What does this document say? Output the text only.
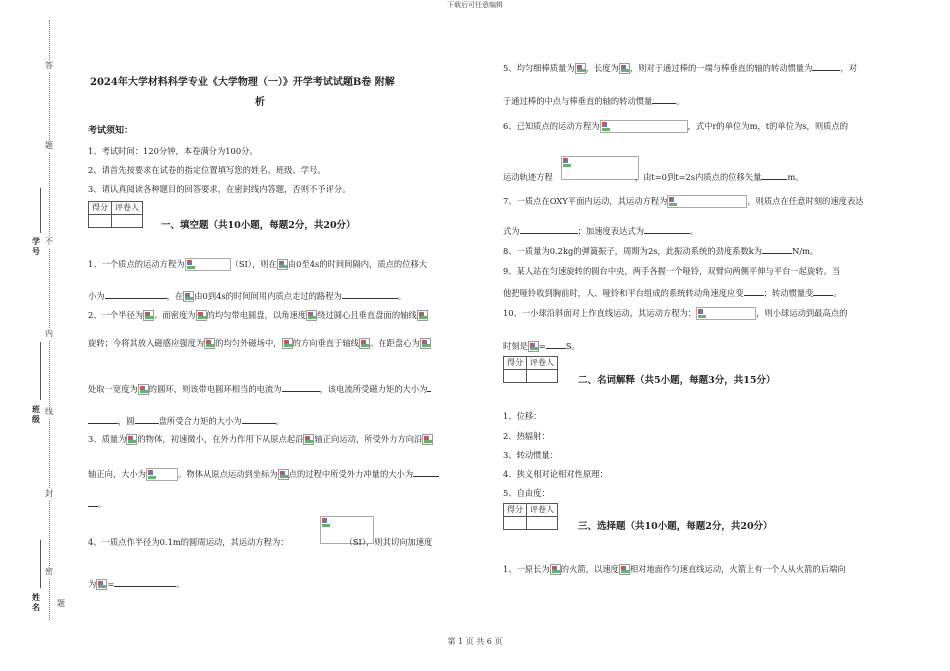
下载后可任意编辑
第 1 页 共 6 页
答
题
不
内
线
封
密
题
学号
班级
姓名
2024年大学材料科学专业《大学物理（一）》开学考试试题B卷 附解
析
考试须知：
1、考试时间：120分钟，本卷满分为100分。
2、请首先按要求在试卷的指定位置填写您的姓名、班级、学号。
3、请认真阅读各种题目的回答要求，在密封线内答题，否则不予评分。
得分 评卷人
一、填空题（共10小题，每题2分，共20分）
1、一个质点的运动方程为	（SI），则在 由0至4s的时间间隔内，质点的位移大
小为	，在 由0到4s的时间间用内质点走过的路程为	。
2、一个半径为 、面密度为 的均匀带电圆盘，以角速度 绕过圆心且垂直盘面的轴线
旋转；今将其放入磁感应强度为 的均匀外磁场中， 的方向垂直于轴线 。在距盘心为
处取一宽度为 的圆环，则该带电圆环相当的电流为	，该电流所受磁力矩的大小为
，圆	盘所受合力矩的大小为	。
3、质量为 的物体，初速微小，在外力作用下从原点起沿 轴正向运动，所受外力方向沿
轴正向，大小为	。物体从原点运动到坐标为 点的过程中所受外力冲量的大小为
。
4、一质点作半径为0.1m的圆周运动，其运动方程为：	（SI），则其切向加速度
为 =	。
5、均匀细棒质量为 ，长度为 ，则对于通过棒的一端与棒垂直的轴的转动惯量为	，对
于通过棒的中点与棒垂直的轴的转动惯量	。
6、已知质点的运动方程为	，式中r的单位为m，t的单位为s，则质点的
运动轨迹方程	，由t=0到t=2s内质点的位移矢量	m。
7、一质点在OXY平面内运动，其运动方程为	，则质点在任意时刻的速度表达
式为	；加速度表达式为	。
8、一质量为0.2kg的弹簧振子，周期为2s，此振动系统的劲度系数k为	N/m。
9、某人站在匀速旋转的圆台中央，两手各握一个哑铃，双臂向两侧平伸与平台一起旋转。当
他把哑铃收到胸前时，人、哑铃和平台组成的系统转动角速度应变 ；转动惯量变 。
10、一小球沿斜面对上作直线运动，其运动方程为：	，则小球运动到最高点的
时刻是 = S。
得分 评卷人
二、名词解释（共5小题，每题3分，共15分）
1、位移：
2、热辐射：
3、转动惯量：
4、狭义相对论相对性原理：
5、自由度：
得分 评卷人
三、选择题（共10小题，每题2分，共20分）
1、一原长为 的火箭，以速度 相对地面作匀速直线运动，火箭上有一个人从火箭的后端向
